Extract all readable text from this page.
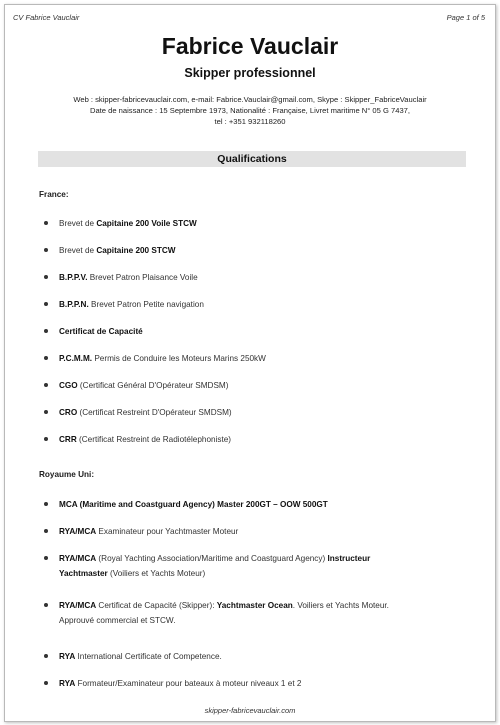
CV Fabrice Vauclair	Page 1 of 5
Fabrice Vauclair
Skipper professionnel
Web : skipper-fabricevauclair.com, e-mail: Fabrice.Vauclair@gmail.com, Skype : Skipper_FabriceVauclair
Date de naissance : 15 Septembre 1973, Nationalité : Française, Livret maritime N° 05 G 7437,
tel : +351 932118260
Qualifications
France:
Brevet de Capitaine 200 Voile STCW
Brevet de Capitaine 200 STCW
B.P.P.V. Brevet Patron Plaisance Voile
B.P.P.N. Brevet Patron Petite navigation
Certificat de Capacité
P.C.M.M. Permis de Conduire les Moteurs Marins 250kW
CGO (Certificat Général D'Opérateur SMDSM)
CRO (Certificat Restreint D'Opérateur SMDSM)
CRR (Certificat Restreint de Radiotélephoniste)
Royaume Uni:
MCA (Maritime and Coastguard Agency) Master 200GT – OOW 500GT
RYA/MCA Examinateur pour Yachtmaster Moteur
RYA/MCA (Royal Yachting Association/Maritime and Coastguard Agency) Instructeur
Yachtmaster (Voiliers et Yachts Moteur)
RYA/MCA Certificat de Capacité (Skipper): Yachtmaster Ocean. Voiliers et Yachts Moteur.
Approuvé commercial et STCW.
RYA International Certificate of Competence.
RYA Formateur/Examinateur pour bateaux à moteur niveaux 1 et 2
skipper-fabricevauclair.com
